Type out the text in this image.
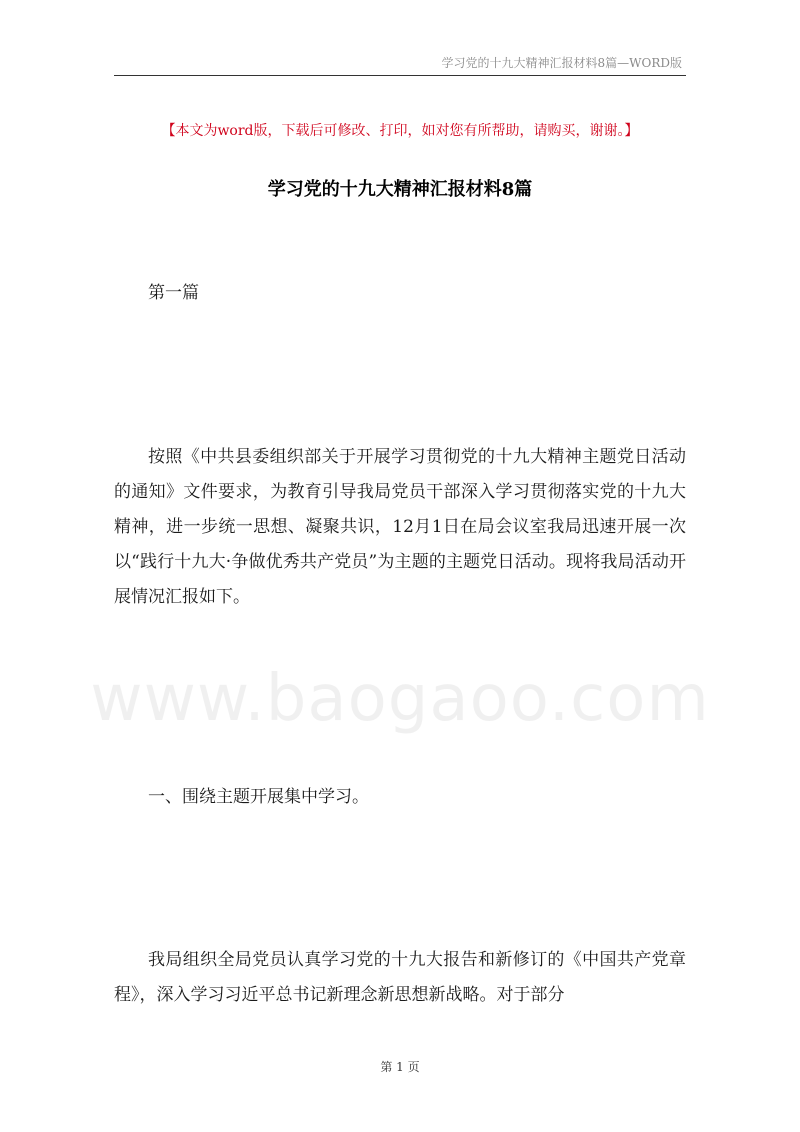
学习党的十九大精神汇报材料8篇—WORD版
【本文为word版，下载后可修改、打印，如对您有所帮助，请购买，谢谢。】
学习党的十九大精神汇报材料8篇
www.baogaoo.com
第一篇
按照《中共县委组织部关于开展学习贯彻党的十九大精神主题党日活动的通知》文件要求，为教育引导我局党员干部深入学习贯彻落实党的十九大精神，进一步统一思想、凝聚共识，12月1日在局会议室我局迅速开展一次以“践行十九大·争做优秀共产党员”为主题的主题党日活动。现将我局活动开展情况汇报如下。
一、围绕主题开展集中学习。
我局组织全局党员认真学习党的十九大报告和新修订的《中国共产党章程》，深入学习习近平总书记新理念新思想新战略。对于部分
第 1 页
